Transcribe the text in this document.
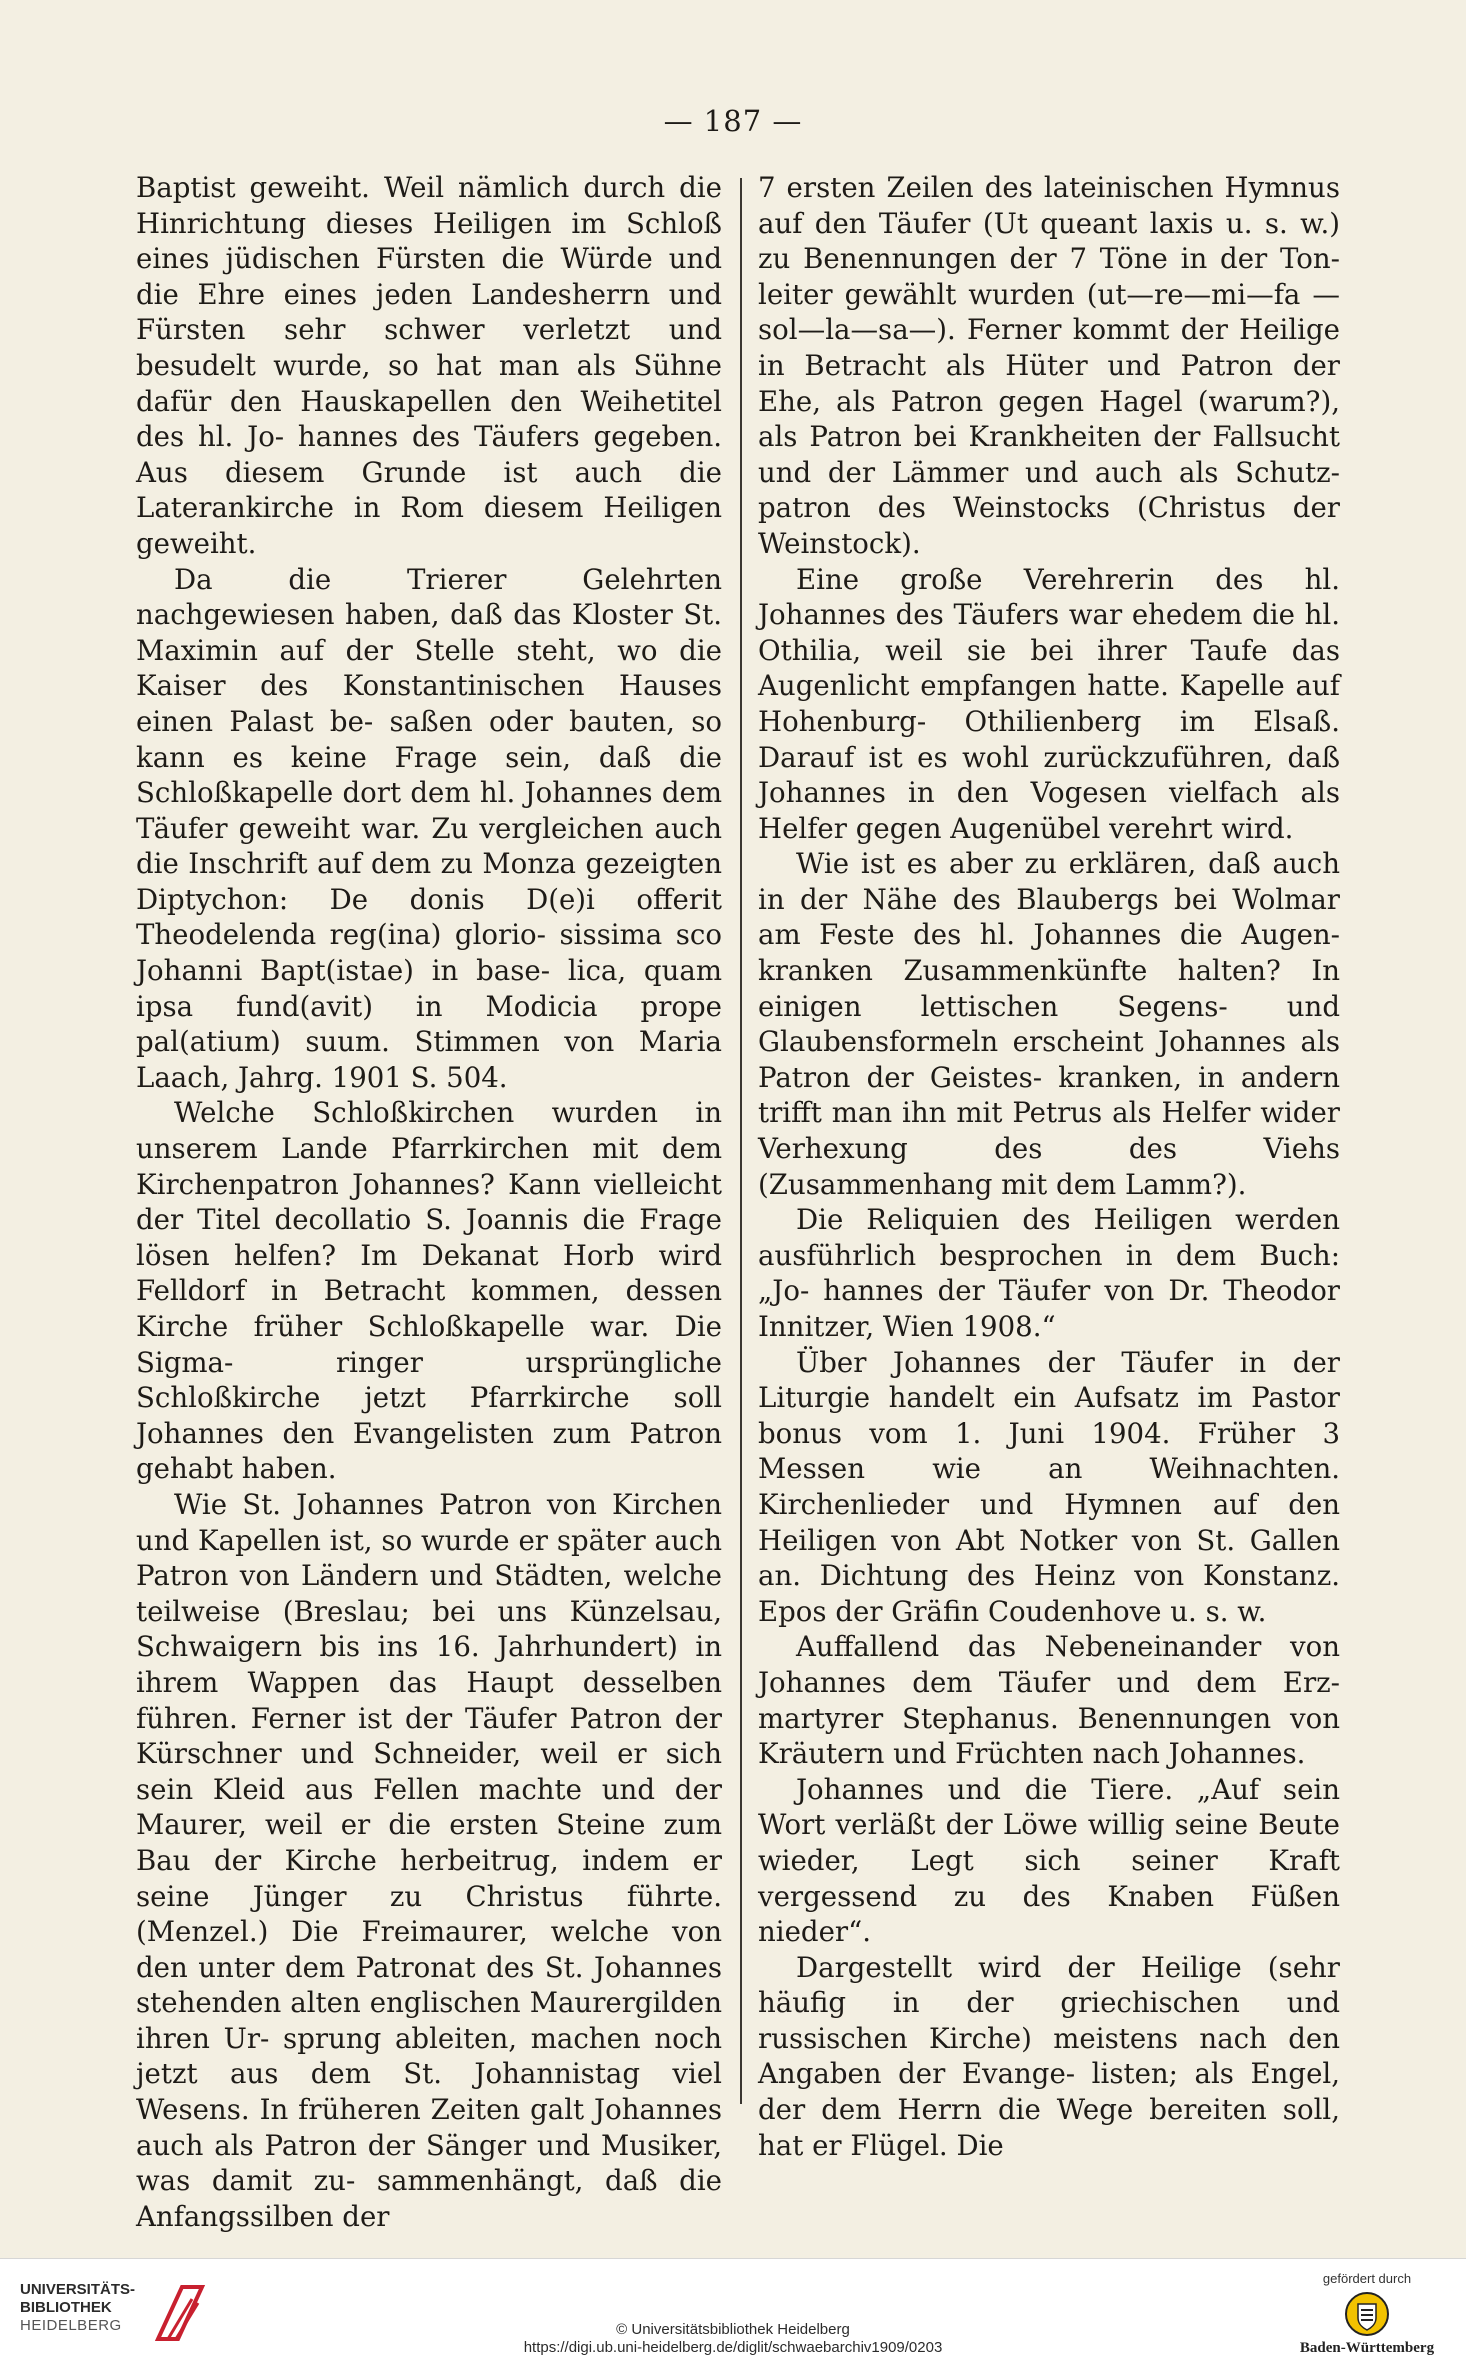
— 187 —

Baptist geweiht. Weil nämlich durch die Hinrichtung dieses Heiligen im Schloß eines jüdischen Fürsten die Würde und die Ehre eines jeden Landesherrn und Fürsten sehr schwer verletzt und besudelt wurde, so hat man als Sühne dafür den Hauskapellen den Weihetitel des hl. Jo- hannes des Täufers gegeben. Aus diesem Grunde ist auch die Laterankirche in Rom diesem Heiligen geweiht.

Da die Trierer Gelehrten nachgewiesen haben, daß das Kloster St. Maximin auf der Stelle steht, wo die Kaiser des Konstantinischen Hauses einen Palast be- saßen oder bauten, so kann es keine Frage sein, daß die Schloßkapelle dort dem hl. Johannes dem Täufer geweiht war. Zu vergleichen auch die Inschrift auf dem zu Monza gezeigten Diptychon: De donis D(e)i offerit Theodelenda reg(ina) glorio- sissima sco Johanni Bapt(istae) in base- lica, quam ipsa fund(avit) in Modicia prope pal(atium) suum. Stimmen von Maria Laach, Jahrg. 1901 S. 504.

Welche Schloßkirchen wurden in unserem Lande Pfarrkirchen mit dem Kirchenpatron Johannes? Kann vielleicht der Titel decollatio S. Joannis die Frage lösen helfen? Im Dekanat Horb wird Felldorf in Betracht kommen, dessen Kirche früher Schloßkapelle war. Die Sigma- ringer ursprüngliche Schloßkirche jetzt Pfarrkirche soll Johannes den Evangelisten zum Patron gehabt haben.

Wie St. Johannes Patron von Kirchen und Kapellen ist, so wurde er später auch Patron von Ländern und Städten, welche teilweise (Breslau; bei uns Künzelsau, Schwaigern bis ins 16. Jahrhundert) in ihrem Wappen das Haupt desselben führen. Ferner ist der Täufer Patron der Kürschner und Schneider, weil er sich sein Kleid aus Fellen machte und der Maurer, weil er die ersten Steine zum Bau der Kirche herbeitrug, indem er seine Jünger zu Christus führte. (Menzel.) Die Freimaurer, welche von den unter dem Patronat des St. Johannes stehenden alten englischen Maurergilden ihren Ur- sprung ableiten, machen noch jetzt aus dem St. Johannistag viel Wesens. In früheren Zeiten galt Johannes auch als Patron der Sänger und Musiker, was damit zu- sammenhängt, daß die Anfangssilben der

7 ersten Zeilen des lateinischen Hymnus auf den Täufer (Ut queant laxis u. s. w.) zu Benennungen der 7 Töne in der Ton- leiter gewählt wurden (ut—re—mi—fa —sol—la—sa—). Ferner kommt der Heilige in Betracht als Hüter und Patron der Ehe, als Patron gegen Hagel (warum?), als Patron bei Krankheiten der Fallsucht und der Lämmer und auch als Schutz- patron des Weinstocks (Christus der Weinstock).

Eine große Verehrerin des hl. Johannes des Täufers war ehedem die hl. Othilia, weil sie bei ihrer Taufe das Augenlicht empfangen hatte. Kapelle auf Hohenburg- Othilienberg im Elsaß. Darauf ist es wohl zurückzuführen, daß Johannes in den Vogesen vielfach als Helfer gegen Augenübel verehrt wird.

Wie ist es aber zu erklären, daß auch in der Nähe des Blaubergs bei Wolmar am Feste des hl. Johannes die Augen- kranken Zusammenkünfte halten? In einigen lettischen Segens- und Glaubensformeln erscheint Johannes als Patron der Geistes- kranken, in andern trifft man ihn mit Petrus als Helfer wider Verhexung des des Viehs (Zusammenhang mit dem Lamm?).

Die Reliquien des Heiligen werden ausführlich besprochen in dem Buch: „Jo- hannes der Täufer von Dr. Theodor Innitzer, Wien 1908.“

Über Johannes der Täufer in der Liturgie handelt ein Aufsatz im Pastor bonus vom 1. Juni 1904. Früher 3 Messen wie an Weihnachten. Kirchenlieder und Hymnen auf den Heiligen von Abt Notker von St. Gallen an. Dichtung des Heinz von Konstanz. Epos der Gräfin Coudenhove u. s. w.

Auffallend das Nebeneinander von Johannes dem Täufer und dem Erz- martyrer Stephanus. Benennungen von Kräutern und Früchten nach Johannes.

Johannes und die Tiere. „Auf sein Wort verläßt der Löwe willig seine Beute wieder, Legt sich seiner Kraft vergessend zu des Knaben Füßen nieder“.

Dargestellt wird der Heilige (sehr häufig in der griechischen und russischen Kirche) meistens nach den Angaben der Evange- listen; als Engel, der dem Herrn die Wege bereiten soll, hat er Flügel. Die

UNIVERSITÄTS-
BIBLIOTHEK
HEIDELBERG	© Universitätsbibliothek Heidelberg
https://digi.ub.uni-heidelberg.de/diglit/schwaebarchiv1909/0203
gefördert durch
Baden-Württemberg
